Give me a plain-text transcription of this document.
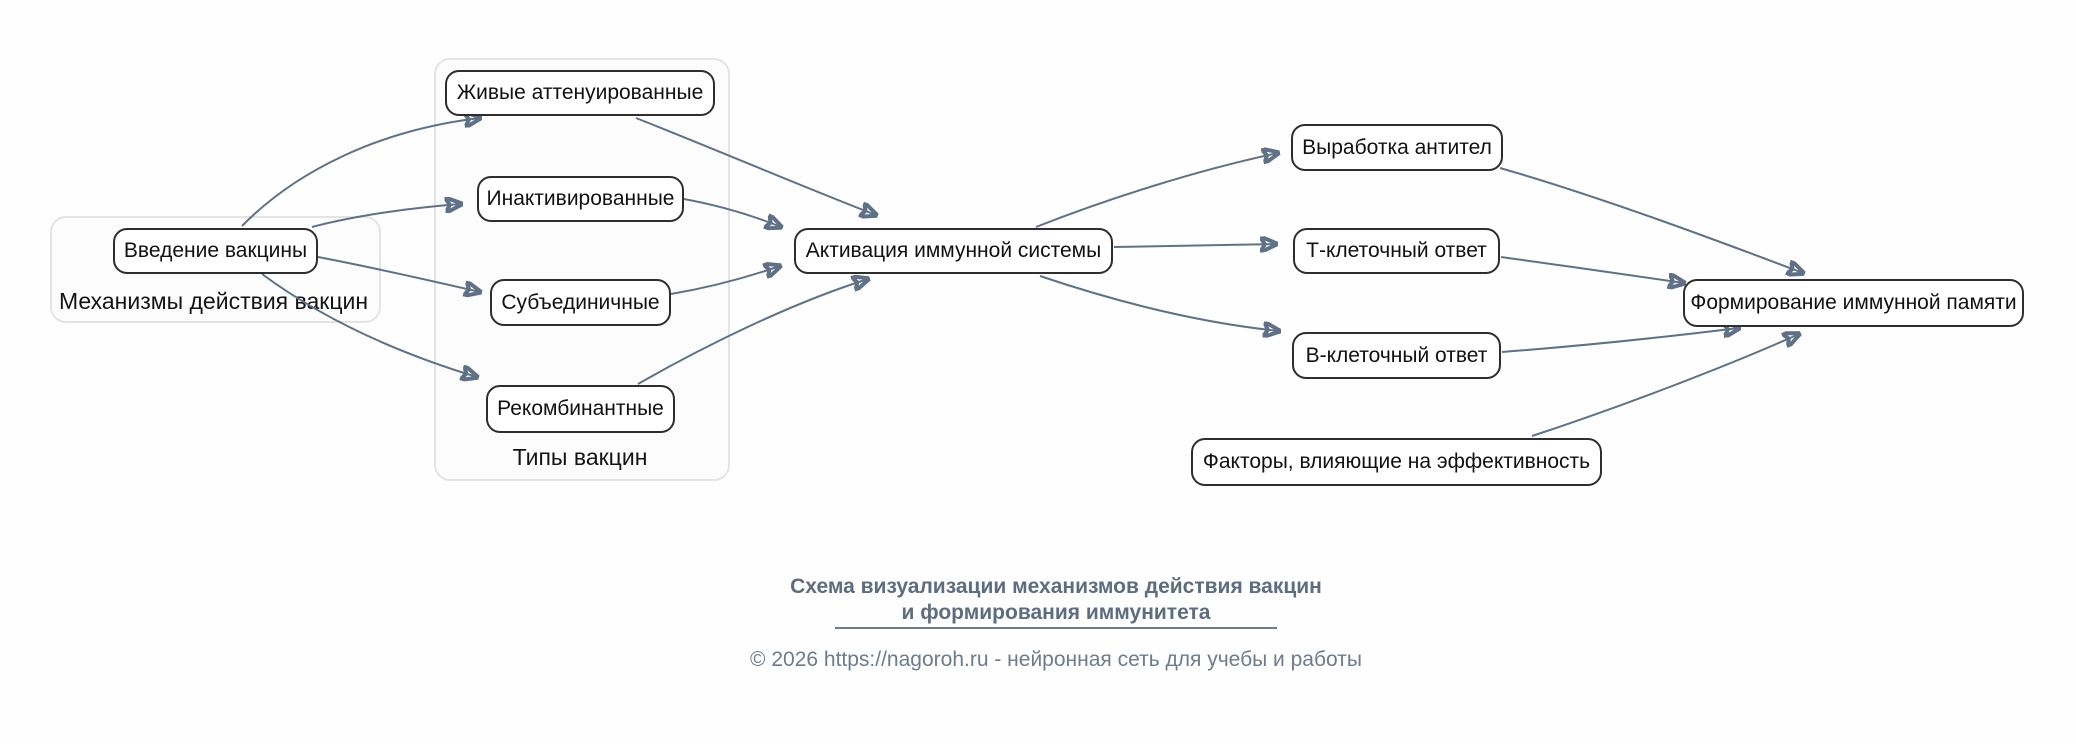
Механизмы действия вакцин
Типы вакцин
Введение вакцины
Живые аттенуированные
Инактивированные
Субъединичные
Рекомбинантные
Активация иммунной системы
Выработка антител
Т-клеточный ответ
В-клеточный ответ
Факторы, влияющие на эффективность
Формирование иммунной памяти
Схема визуализации механизмов действия вакцин
и формирования иммунитета
© 2026 https://nagoroh.ru - нейронная сеть для учебы и работы
